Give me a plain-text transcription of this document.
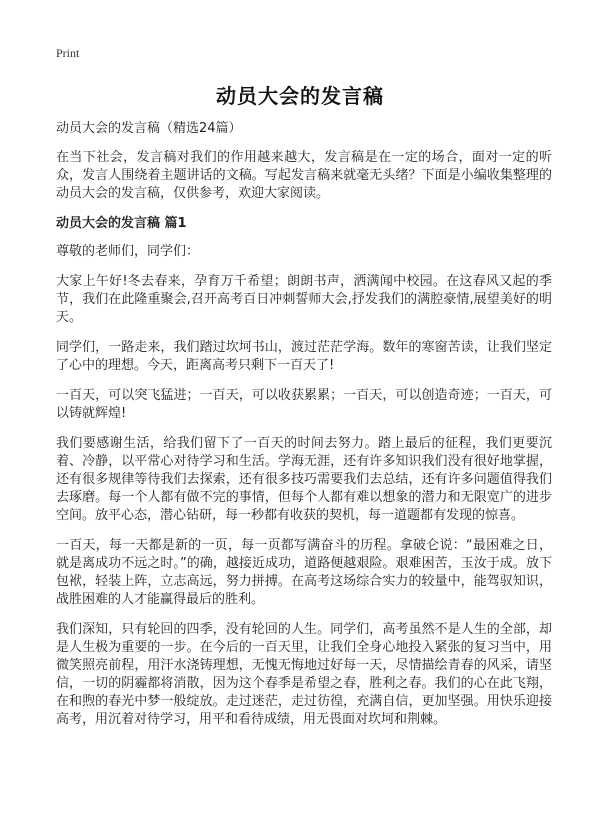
Print
动员大会的发言稿

动员大会的发言稿（精选24篇）

在当下社会，发言稿对我们的作用越来越大，发言稿是在一定的场合，面对一定的听众，发言人围绕着主题讲话的文稿。写起发言稿来就毫无头绪？下面是小编收集整理的动员大会的发言稿，仅供参考，欢迎大家阅读。

动员大会的发言稿 篇1

尊敬的老师们，同学们：

大家上午好!冬去春来，孕育万千希望；朗朗书声，洒满闻中校园。在这春风又起的季节，我们在此隆重聚会,召开高考百日冲刺誓师大会,抒发我们的满腔豪情,展望美好的明天。

同学们，一路走来，我们踏过坎坷书山，渡过茫茫学海。数年的寒窗苦读，让我们坚定了心中的理想。今天，距离高考只剩下一百天了!

一百天，可以突飞猛进；一百天，可以收获累累；一百天，可以创造奇迹；一百天，可以铸就辉煌!

我们要感谢生活，给我们留下了一百天的时间去努力。踏上最后的征程，我们更要沉着、冷静，以平常心对待学习和生活。学海无涯，还有许多知识我们没有很好地掌握，还有很多规律等待我们去探索，还有很多技巧需要我们去总结，还有许多问题值得我们去琢磨。每一个人都有做不完的事情，但每个人都有难以想象的潜力和无限宽广的进步空间。放平心态，潜心钻研，每一秒都有收获的契机，每一道题都有发现的惊喜。

一百天，每一天都是新的一页，每一页都写满奋斗的历程。拿破仑说：“最困难之日，就是离成功不远之时。”的确，越接近成功，道路便越艰险。艰难困苦，玉汝于成。放下包袱，轻装上阵，立志高远，努力拼搏。在高考这场综合实力的较量中，能驾驭知识，战胜困难的人才能赢得最后的胜利。

我们深知，只有轮回的四季，没有轮回的人生。同学们，高考虽然不是人生的全部，却是人生极为重要的一步。在今后的一百天里，让我们全身心地投入紧张的复习当中，用微笑照亮前程，用汗水浇铸理想，无愧无悔地过好每一天，尽情描绘青春的风采，请坚信，一切的阴霾都将消散，因为这个春季是希望之春，胜利之春。我们的心在此飞翔，在和煦的春光中梦一般绽放。走过迷茫，走过彷徨，充满自信，更加坚强。用快乐迎接高考，用沉着对待学习，用平和看待成绩，用无畏面对坎坷和荆棘。
